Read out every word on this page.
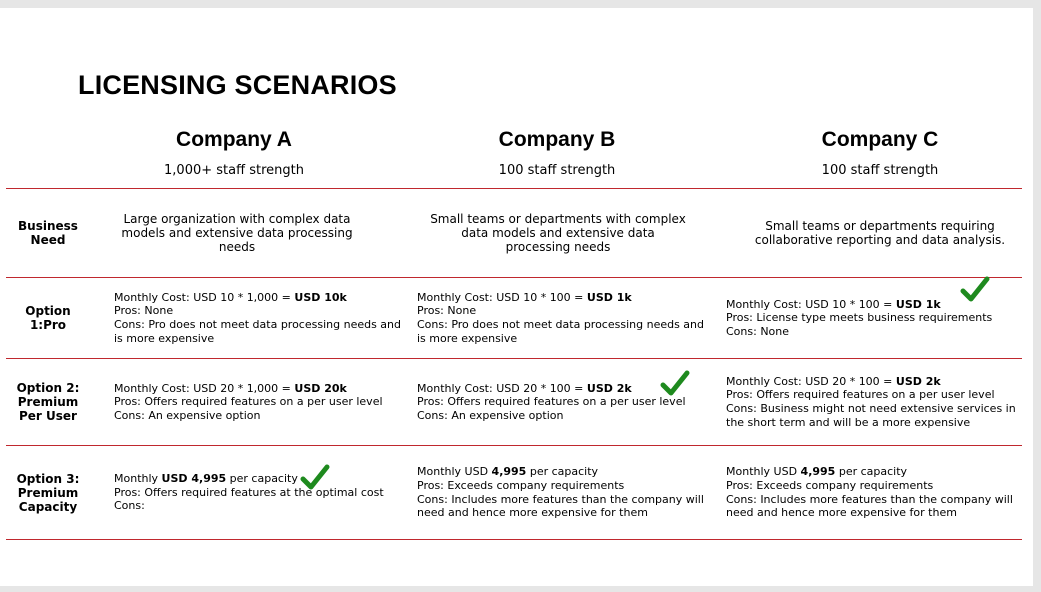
LICENSING SCENARIOS
Company A
1,000+ staff strength
Company B
100 staff strength
Company C
100 staff strength
Business Need
Large organization with complex data models and extensive data processing needs
Small teams or departments with complex data models and extensive data processing needs
Small teams or departments requiring collaborative reporting and data analysis.
Option 1:Pro
Monthly Cost: USD 10 * 1,000 = USD 10k
Pros: None
Cons: Pro does not meet data processing needs and is more expensive
Monthly Cost: USD 10 * 100 = USD 1k
Pros: None
Cons: Pro does not meet data processing needs and is more expensive
Monthly Cost: USD 10 * 100 = USD 1k
Pros: License type meets business requirements
Cons: None
Option 2: Premium Per User
Monthly Cost: USD 20 * 1,000 = USD 20k
Pros: Offers required features on a per user level
Cons: An expensive option
Monthly Cost: USD 20 * 100 = USD 2k
Pros: Offers required features on a per user level
Cons: An expensive option
Monthly Cost: USD 20 * 100 = USD 2k
Pros: Offers required features on a per user level
Cons: Business might not need extensive services in the short term and will be a more expensive
Option 3: Premium Capacity
Monthly USD 4,995 per capacity
Pros: Offers required features at the optimal cost
Cons:
Monthly USD 4,995 per capacity
Pros: Exceeds company requirements
Cons: Includes more features than the company will need and hence more expensive for them
Monthly USD 4,995 per capacity
Pros: Exceeds company requirements
Cons: Includes more features than the company will need and hence more expensive for them
